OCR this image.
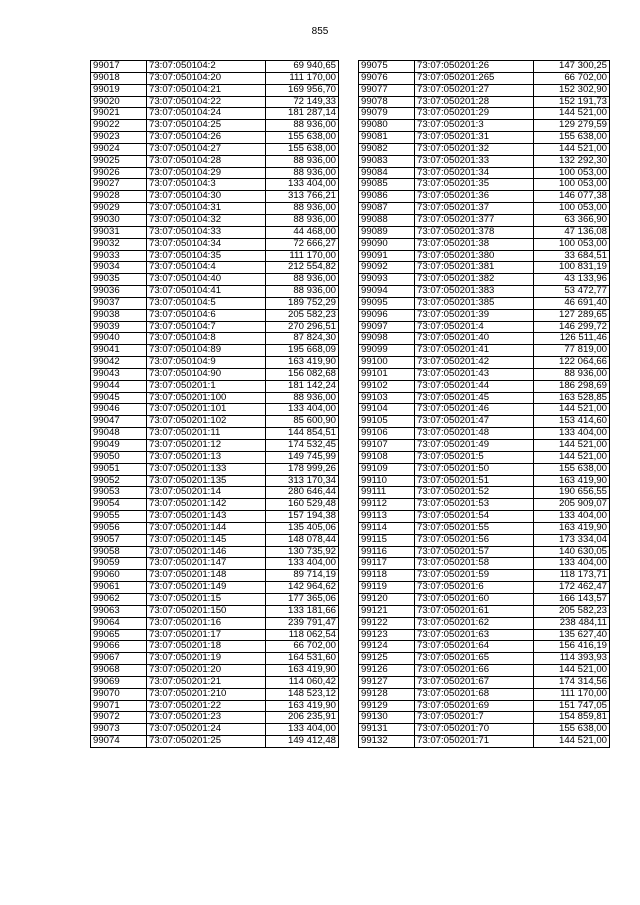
855
99017	73:07:050104:2	69 940,65
99018	73:07:050104:20	111 170,00
99019	73:07:050104:21	169 956,70
99020	73:07:050104:22	72 149,33
99021	73:07:050104:24	181 287,14
99022	73:07:050104:25	88 936,00
99023	73:07:050104:26	155 638,00
99024	73:07:050104:27	155 638,00
99025	73:07:050104:28	88 936,00
99026	73:07:050104:29	88 936,00
99027	73:07:050104:3	133 404,00
99028	73:07:050104:30	313 766,21
99029	73:07:050104:31	88 936,00
99030	73:07:050104:32	88 936,00
99031	73:07:050104:33	44 468,00
99032	73:07:050104:34	72 666,27
99033	73:07:050104:35	111 170,00
99034	73:07:050104:4	212 554,82
99035	73:07:050104:40	88 936,00
99036	73:07:050104:41	88 936,00
99037	73:07:050104:5	189 752,29
99038	73:07:050104:6	205 582,23
99039	73:07:050104:7	270 296,51
99040	73:07:050104:8	87 824,30
99041	73:07:050104:89	195 668,09
99042	73:07:050104:9	163 419,90
99043	73:07:050104:90	156 082,68
99044	73:07:050201:1	181 142,24
99045	73:07:050201:100	88 936,00
99046	73:07:050201:101	133 404,00
99047	73:07:050201:102	85 600,90
99048	73:07:050201:11	144 854,51
99049	73:07:050201:12	174 532,45
99050	73:07:050201:13	149 745,99
99051	73:07:050201:133	178 999,26
99052	73:07:050201:135	313 170,34
99053	73:07:050201:14	280 646,44
99054	73:07:050201:142	160 529,48
99055	73:07:050201:143	157 194,38
99056	73:07:050201:144	135 405,06
99057	73:07:050201:145	148 078,44
99058	73:07:050201:146	130 735,92
99059	73:07:050201:147	133 404,00
99060	73:07:050201:148	89 714,19
99061	73:07:050201:149	142 964,62
99062	73:07:050201:15	177 365,06
99063	73:07:050201:150	133 181,66
99064	73:07:050201:16	239 791,47
99065	73:07:050201:17	118 062,54
99066	73:07:050201:18	66 702,00
99067	73:07:050201:19	164 531,60
99068	73:07:050201:20	163 419,90
99069	73:07:050201:21	114 060,42
99070	73:07:050201:210	148 523,12
99071	73:07:050201:22	163 419,90
99072	73:07:050201:23	206 235,91
99073	73:07:050201:24	133 404,00
99074	73:07:050201:25	149 412,48
99075	73:07:050201:26	147 300,25
99076	73:07:050201:265	66 702,00
99077	73:07:050201:27	152 302,90
99078	73:07:050201:28	152 191,73
99079	73:07:050201:29	144 521,00
99080	73:07:050201:3	129 279,59
99081	73:07:050201:31	155 638,00
99082	73:07:050201:32	144 521,00
99083	73:07:050201:33	132 292,30
99084	73:07:050201:34	100 053,00
99085	73:07:050201:35	100 053,00
99086	73:07:050201:36	146 077,38
99087	73:07:050201:37	100 053,00
99088	73:07:050201:377	63 366,90
99089	73:07:050201:378	47 136,08
99090	73:07:050201:38	100 053,00
99091	73:07:050201:380	33 684,51
99092	73:07:050201:381	100 831,19
99093	73:07:050201:382	43 133,96
99094	73:07:050201:383	53 472,77
99095	73:07:050201:385	46 691,40
99096	73:07:050201:39	127 289,65
99097	73:07:050201:4	146 299,72
99098	73:07:050201:40	126 511,46
99099	73:07:050201:41	77 819,00
99100	73:07:050201:42	122 064,66
99101	73:07:050201:43	88 936,00
99102	73:07:050201:44	186 298,69
99103	73:07:050201:45	163 528,85
99104	73:07:050201:46	144 521,00
99105	73:07:050201:47	153 414,60
99106	73:07:050201:48	133 404,00
99107	73:07:050201:49	144 521,00
99108	73:07:050201:5	144 521,00
99109	73:07:050201:50	155 638,00
99110	73:07:050201:51	163 419,90
99111	73:07:050201:52	190 656,55
99112	73:07:050201:53	205 909,07
99113	73:07:050201:54	133 404,00
99114	73:07:050201:55	163 419,90
99115	73:07:050201:56	173 334,04
99116	73:07:050201:57	140 630,05
99117	73:07:050201:58	133 404,00
99118	73:07:050201:59	118 173,71
99119	73:07:050201:6	172 462,47
99120	73:07:050201:60	166 143,57
99121	73:07:050201:61	205 582,23
99122	73:07:050201:62	238 484,11
99123	73:07:050201:63	135 627,40
99124	73:07:050201:64	156 416,19
99125	73:07:050201:65	114 393,93
99126	73:07:050201:66	144 521,00
99127	73:07:050201:67	174 314,56
99128	73:07:050201:68	111 170,00
99129	73:07:050201:69	151 747,05
99130	73:07:050201:7	154 859,81
99131	73:07:050201:70	155 638,00
99132	73:07:050201:71	144 521,00
